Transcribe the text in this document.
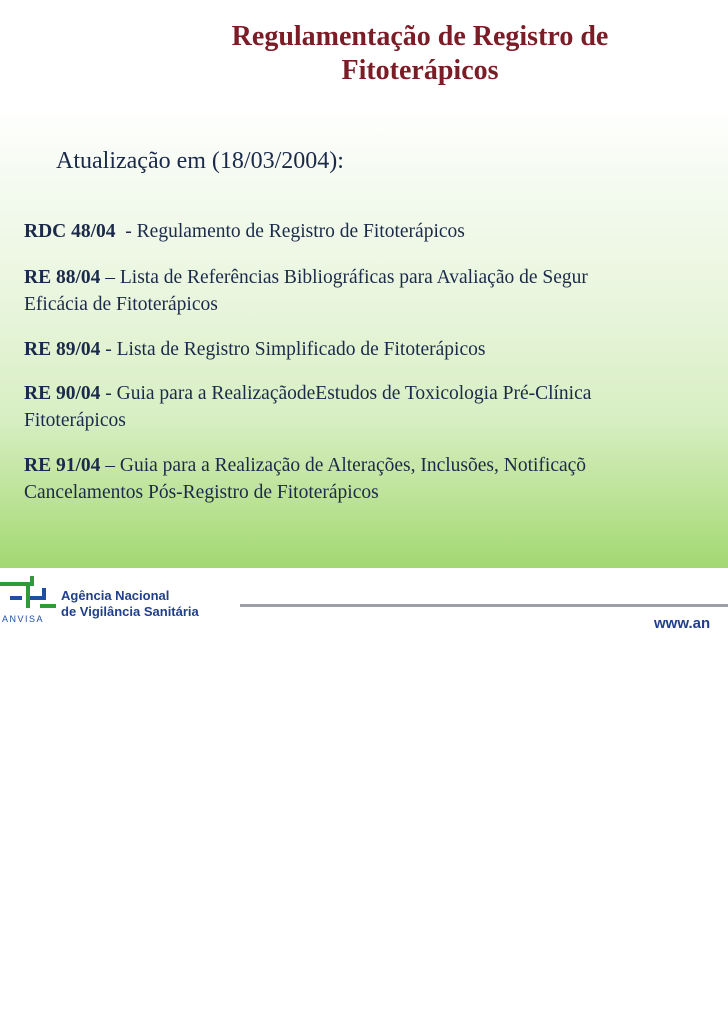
Regulamentação de Registro de
Fitoterápicos
Atualização em (18/03/2004):
RDC 48/04  - Regulamento de Registro de Fitoterápicos
RE 88/04 – Lista de Referências Bibliográficas para Avaliação de Segur
Eficácia de Fitoterápicos
RE 89/04 - Lista de Registro Simplificado de Fitoterápicos
RE 90/04 - Guia para a RealizaçãodeEstudos de Toxicologia Pré-Clínica
Fitoterápicos
RE 91/04 – Guia para a Realização de Alterações, Inclusões, Notificaçõ
Cancelamentos Pós-Registro de Fitoterápicos
ANVISA
Agência Nacional
de Vigilância Sanitária
www.an
